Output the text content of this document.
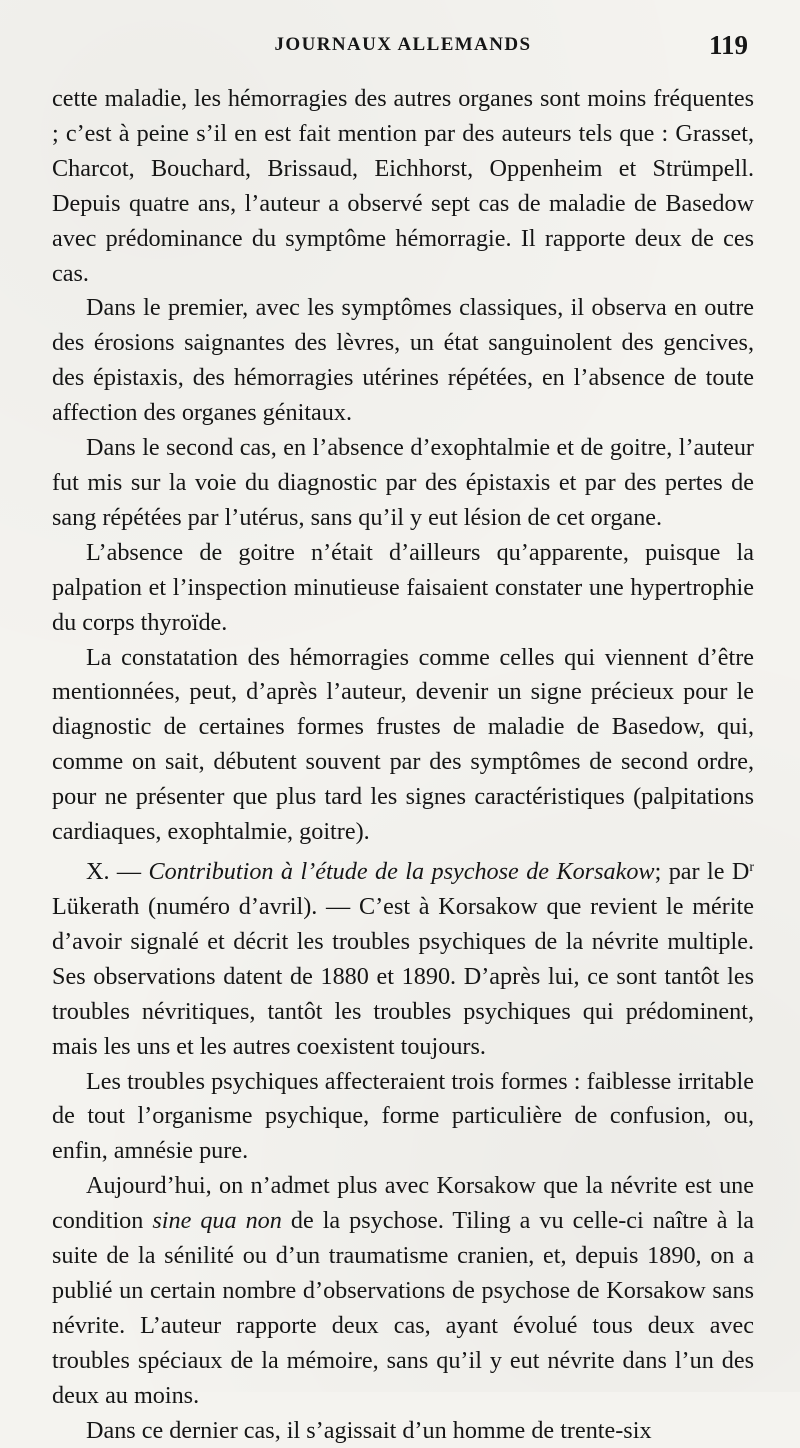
JOURNAUX ALLEMANDS	119

cette maladie, les hémorragies des autres organes sont moins fréquentes ; c’est à peine s’il en est fait mention par des auteurs tels que : Grasset, Charcot, Bouchard, Brissaud, Eichhorst, Oppenheim et Strümpell. Depuis quatre ans, l’auteur a observé sept cas de maladie de Basedow avec prédominance du symptôme hémorragie. Il rapporte deux de ces cas.

Dans le premier, avec les symptômes classiques, il observa en outre des érosions saignantes des lèvres, un état sanguinolent des gencives, des épistaxis, des hémorragies utérines répétées, en l’absence de toute affection des organes génitaux.

Dans le second cas, en l’absence d’exophtalmie et de goitre, l’auteur fut mis sur la voie du diagnostic par des épistaxis et par des pertes de sang répétées par l’utérus, sans qu’il y eut lésion de cet organe.

L’absence de goitre n’était d’ailleurs qu’apparente, puisque la palpation et l’inspection minutieuse faisaient constater une hypertrophie du corps thyroïde.

La constatation des hémorragies comme celles qui viennent d’être mentionnées, peut, d’après l’auteur, devenir un signe précieux pour le diagnostic de certaines formes frustes de maladie de Basedow, qui, comme on sait, débutent souvent par des symptômes de second ordre, pour ne présenter que plus tard les signes caractéristiques (palpitations cardiaques, exophtalmie, goitre).

X. — Contribution à l’étude de la psychose de Korsakow; par le $D^r$ Lükerath (numéro d’avril). — C’est à Korsakow que revient le mérite d’avoir signalé et décrit les troubles psychiques de la névrite multiple. Ses observations datent de 1880 et 1890. D’après lui, ce sont tantôt les troubles névritiques, tantôt les troubles psychiques qui prédominent, mais les uns et les autres coexistent toujours.

Les troubles psychiques affecteraient trois formes : faiblesse irritable de tout l’organisme psychique, forme particulière de confusion, ou, enfin, amnésie pure.

Aujourd’hui, on n’admet plus avec Korsakow que la névrite est une condition sine qua non de la psychose. Tiling a vu celle-ci naître à la suite de la sénilité ou d’un traumatisme cranien, et, depuis 1890, on a publié un certain nombre d’observations de psychose de Korsakow sans névrite. L’auteur rapporte deux cas, ayant évolué tous deux avec troubles spéciaux de la mémoire, sans qu’il y eut névrite dans l’un des deux au moins.

Dans ce dernier cas, il s’agissait d’un homme de trente-six
